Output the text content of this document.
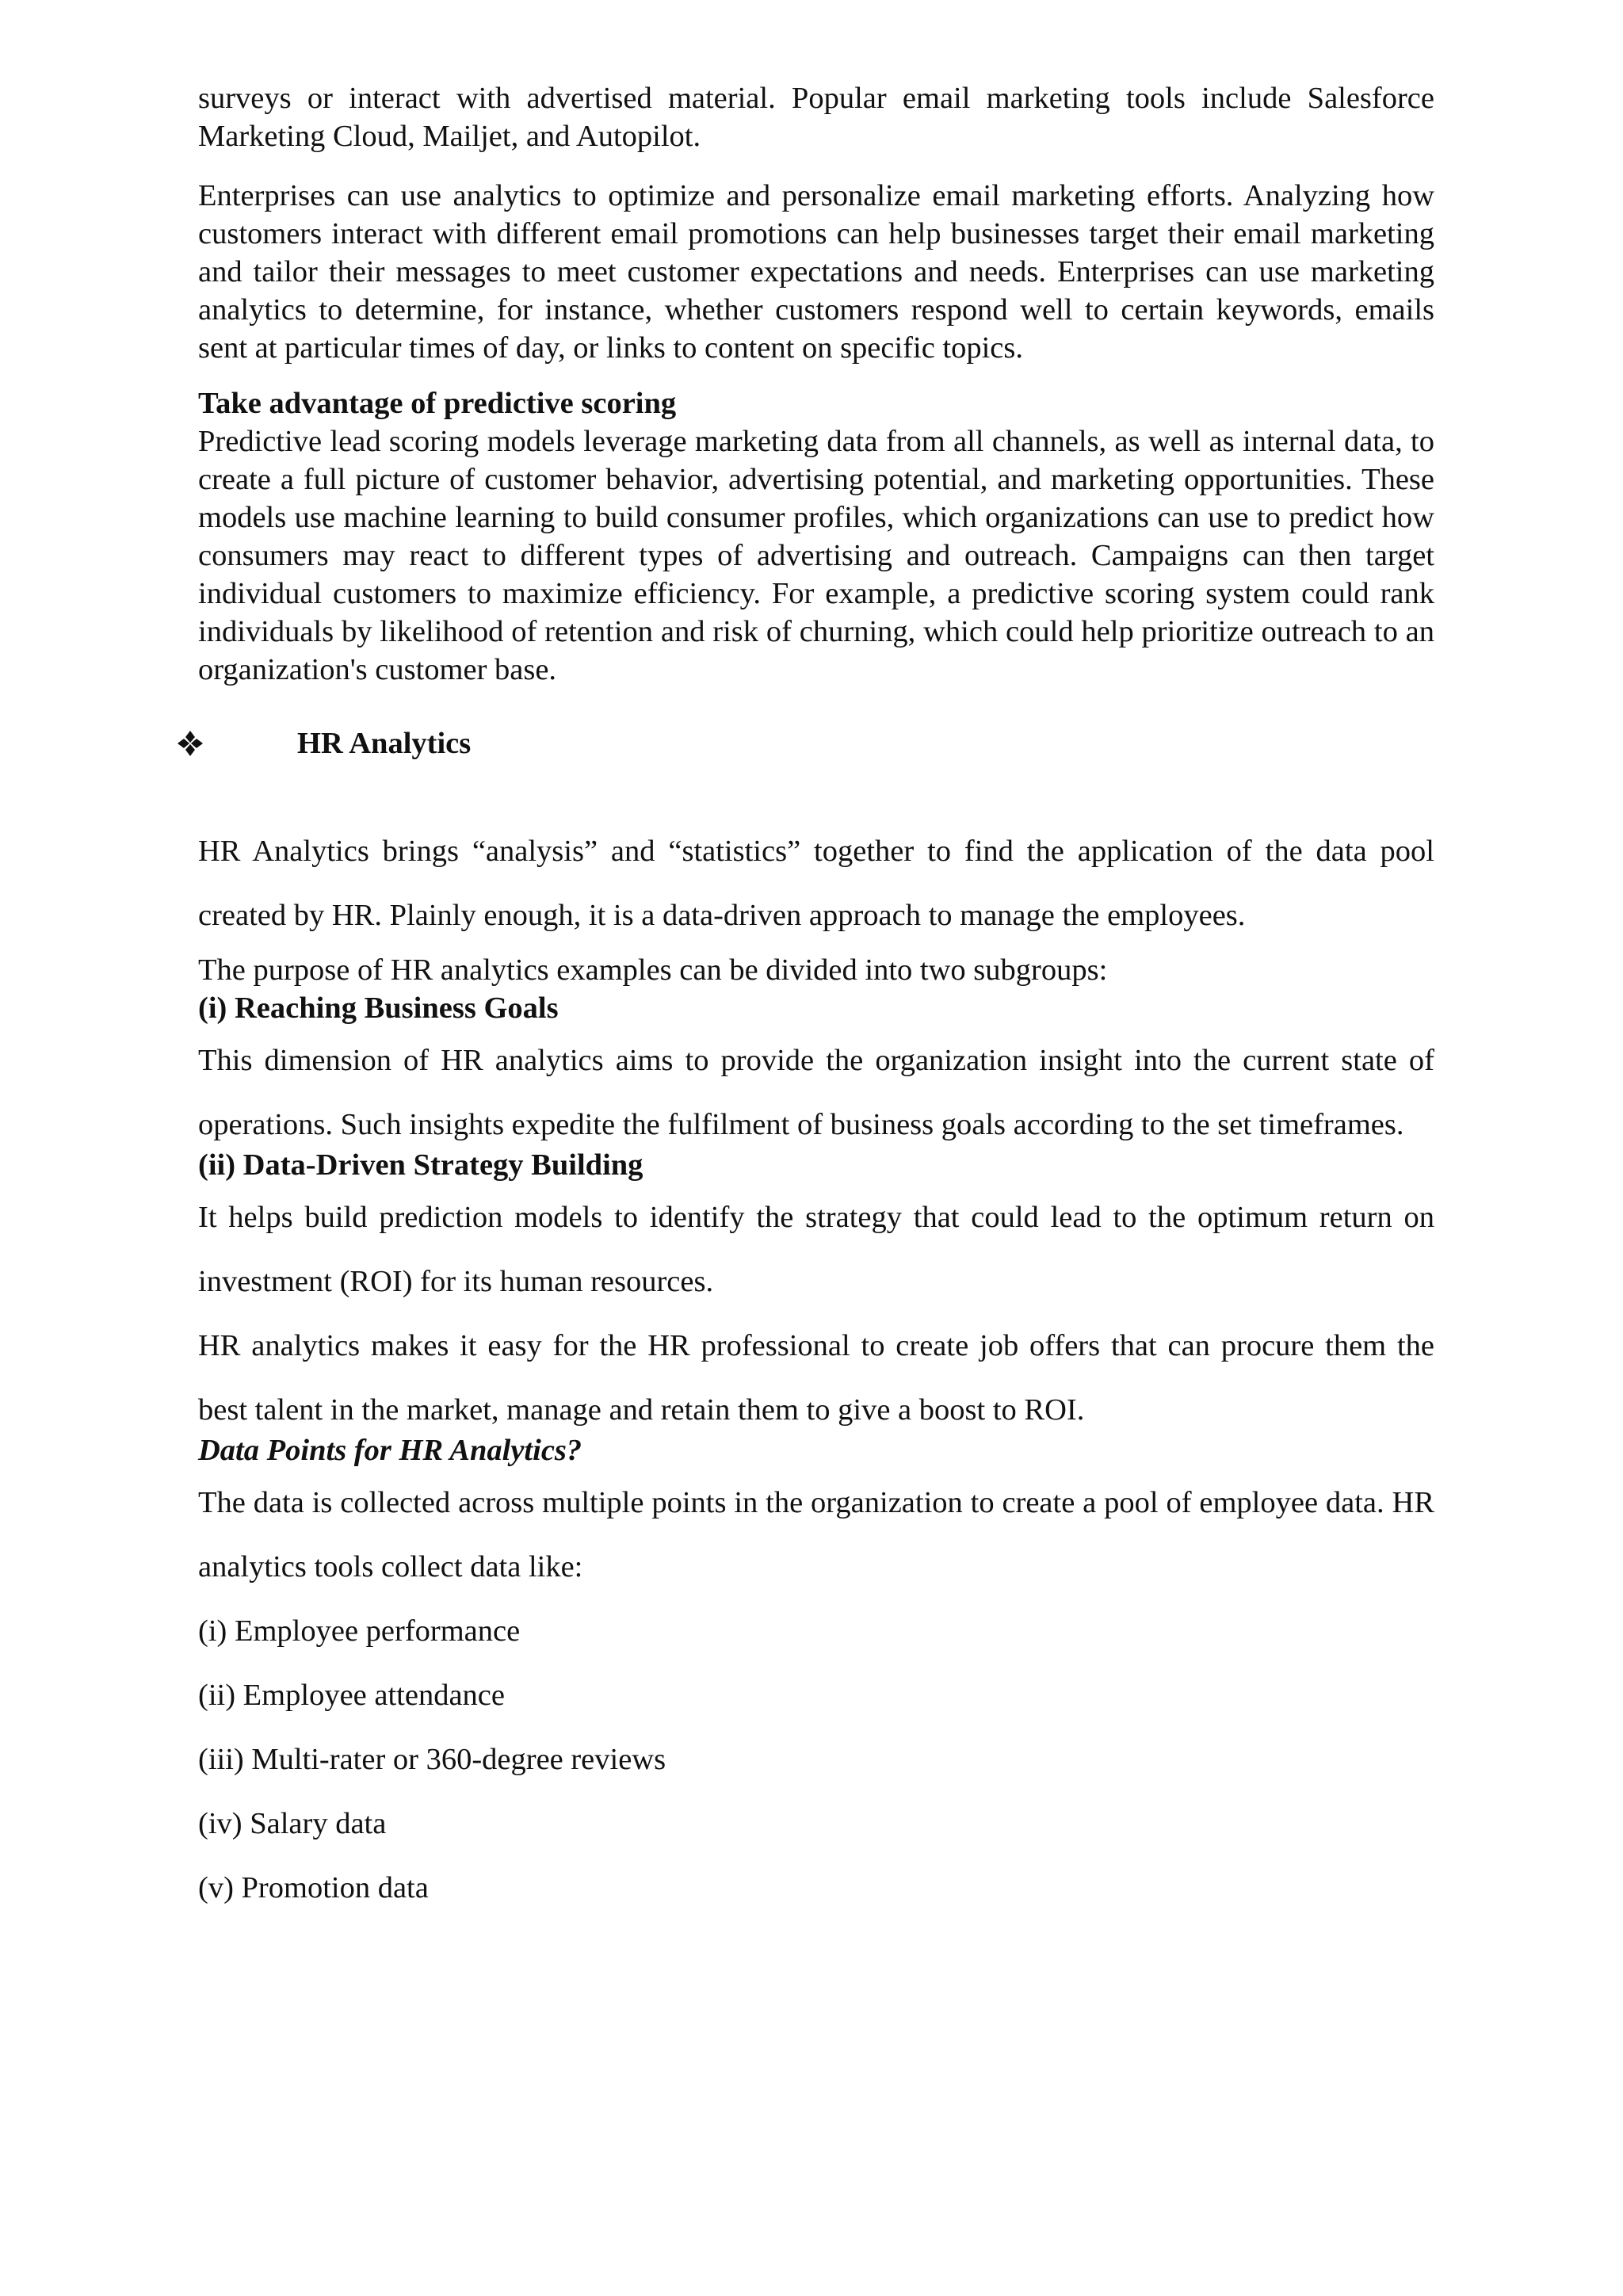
surveys or interact with advertised material. Popular email marketing tools include Salesforce Marketing Cloud, Mailjet, and Autopilot.

Enterprises can use analytics to optimize and personalize email marketing efforts. Analyzing how customers interact with different email promotions can help businesses target their email marketing and tailor their messages to meet customer expectations and needs. Enterprises can use marketing analytics to determine, for instance, whether customers respond well to certain keywords, emails sent at particular times of day, or links to content on specific topics.

Take advantage of predictive scoring

Predictive lead scoring models leverage marketing data from all channels, as well as internal data, to create a full picture of customer behavior, advertising potential, and marketing opportunities. These models use machine learning to build consumer profiles, which organizations can use to predict how consumers may react to different types of advertising and outreach. Campaigns can then target individual customers to maximize efficiency. For example, a predictive scoring system could rank individuals by likelihood of retention and risk of churning, which could help prioritize outreach to an organization's customer base.

HR Analytics

HR Analytics brings “analysis” and “statistics” together to find the application of the data pool created by HR. Plainly enough, it is a data-driven approach to manage the employees.

The purpose of HR analytics examples can be divided into two subgroups:

(i) Reaching Business Goals

This dimension of HR analytics aims to provide the organization insight into the current state of operations. Such insights expedite the fulfilment of business goals according to the set timeframes.

(ii) Data-Driven Strategy Building

It helps build prediction models to identify the strategy that could lead to the optimum return on investment (ROI) for its human resources.

HR analytics makes it easy for the HR professional to create job offers that can procure them the best talent in the market, manage and retain them to give a boost to ROI.

Data Points for HR Analytics?

The data is collected across multiple points in the organization to create a pool of employee data. HR analytics tools collect data like:

(i) Employee performance

(ii) Employee attendance

(iii) Multi-rater or 360-degree reviews

(iv) Salary data

(v) Promotion data
